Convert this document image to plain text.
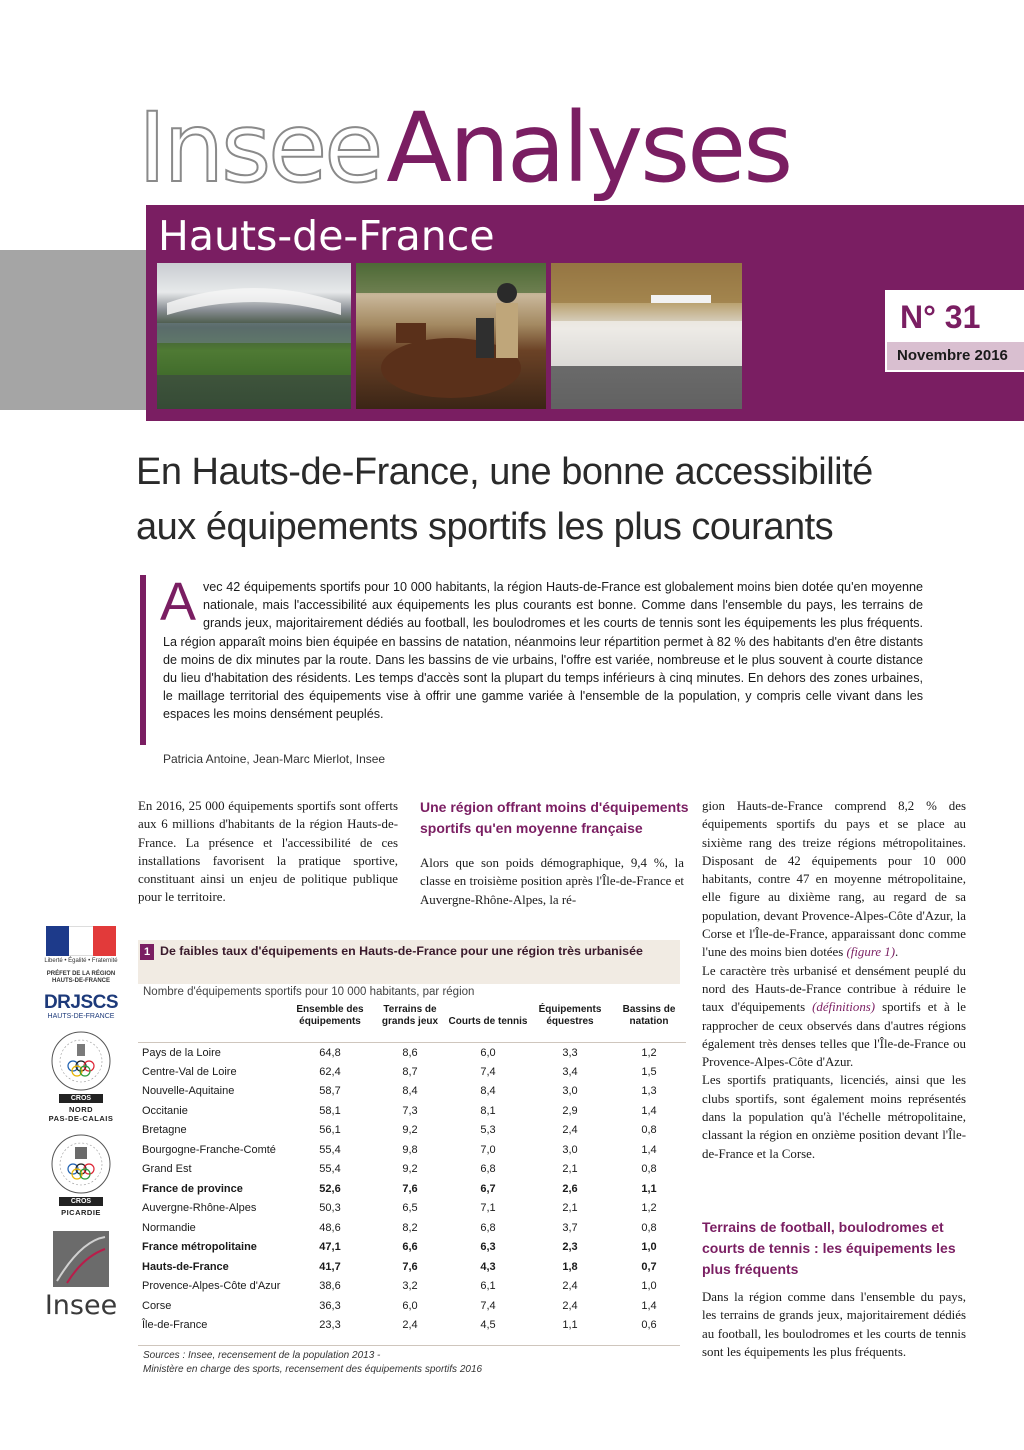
InseeAnalyses
Hauts-de-France
N° 31
Novembre 2016
En Hauts-de-France, une bonne accessibilité
aux équipements sportifs les plus courants
A vec 42 équipements sportifs pour 10 000 habitants, la région Hauts-de-France est globalement moins bien dotée qu'en moyenne nationale, mais l'accessibilité aux équipements les plus courants est bonne. Comme dans l'ensemble du pays, les terrains de grands jeux, majoritairement dédiés au football, les boulodromes et les courts de tennis sont les équipements les plus fréquents. La région apparaît moins bien équipée en bassins de natation, néanmoins leur répartition permet à 82 % des habitants d'en être distants de moins de dix minutes par la route. Dans les bassins de vie urbains, l'offre est variée, nombreuse et le plus souvent à courte distance du lieu d'habitation des résidents. Les temps d'accès sont la plupart du temps inférieurs à cinq minutes. En dehors des zones urbaines, le maillage territorial des équipements vise à offrir une gamme variée à l'ensemble de la population, y compris celle vivant dans les espaces les moins densément peuplés.

Patricia Antoine, Jean-Marc Mierlot, Insee

En 2016, 25 000 équipements sportifs sont offerts aux 6 millions d'habitants de la région Hauts-de-France. La présence et l'accessibilité de ces installations favorisent la pratique sportive, constituant ainsi un enjeu de politique publique pour le territoire.

Une région offrant moins d'équipements sportifs qu'en moyenne française

Alors que son poids démographique, 9,4 %, la classe en troisième position après l'Île-de-France et Auvergne-Rhône-Alpes, la ré-

gion Hauts-de-France comprend 8,2 % des équipements sportifs du pays et se place au sixième rang des treize régions métropolitaines. Disposant de 42 équipements pour 10 000 habitants, contre 47 en moyenne métropolitaine, elle figure au dixième rang, au regard de sa population, devant Provence-Alpes-Côte d'Azur, la Corse et l'Île-de-France, apparaissant donc comme l'une des moins bien dotées (figure 1).

Le caractère très urbanisé et densément peuplé du nord des Hauts-de-France contribue à réduire le taux d'équipements (définitions) sportifs et à le rapprocher de ceux observés dans d'autres régions également très denses telles que l'Île-de-France ou Provence-Alpes-Côte d'Azur.

Les sportifs pratiquants, licenciés, ainsi que les clubs sportifs, sont également moins représentés dans la population qu'à l'échelle métropolitaine, classant la région en onzième position devant l'Île-de-France et la Corse.

Terrains de football, boulodromes et courts de tennis : les équipements les plus fréquents

Dans la région comme dans l'ensemble du pays, les terrains de grands jeux, majoritairement dédiés au football, les boulodromes et les courts de tennis sont les équipements les plus fréquents.

Liberté • Égalité • Fraternité
PRÉFET DE LA RÉGION HAUTS-DE-FRANCE
DRJSCS
HAUTS-DE-FRANCE
CROS
NORD
PAS-DE-CALAIS
CROS
PICARDIE
Insee
1 De faibles taux d'équipements en Hauts-de-France pour une région très urbanisée
Nombre d'équipements sportifs pour 10 000 habitants, par région
	Ensemble des équipements	Terrains de grands jeux	Courts de tennis	Équipements équestres	Bassins de natation
Pays de la Loire	64,8	8,6	6,0	3,3	1,2
Centre-Val de Loire	62,4	8,7	7,4	3,4	1,5
Nouvelle-Aquitaine	58,7	8,4	8,4	3,0	1,3
Occitanie	58,1	7,3	8,1	2,9	1,4
Bretagne	56,1	9,2	5,3	2,4	0,8
Bourgogne-Franche-Comté	55,4	9,8	7,0	3,0	1,4
Grand Est	55,4	9,2	6,8	2,1	0,8
France de province	52,6	7,6	6,7	2,6	1,1
Auvergne-Rhône-Alpes	50,3	6,5	7,1	2,1	1,2
Normandie	48,6	8,2	6,8	3,7	0,8
France métropolitaine	47,1	6,6	6,3	2,3	1,0
Hauts-de-France	41,7	7,6	4,3	1,8	0,7
Provence-Alpes-Côte d'Azur	38,6	3,2	6,1	2,4	1,0
Corse	36,3	6,0	7,4	2,4	1,4
Île-de-France	23,3	2,4	4,5	1,1	0,6
Sources : Insee, recensement de la population 2013 -
Ministère en charge des sports, recensement des équipements sportifs 2016
